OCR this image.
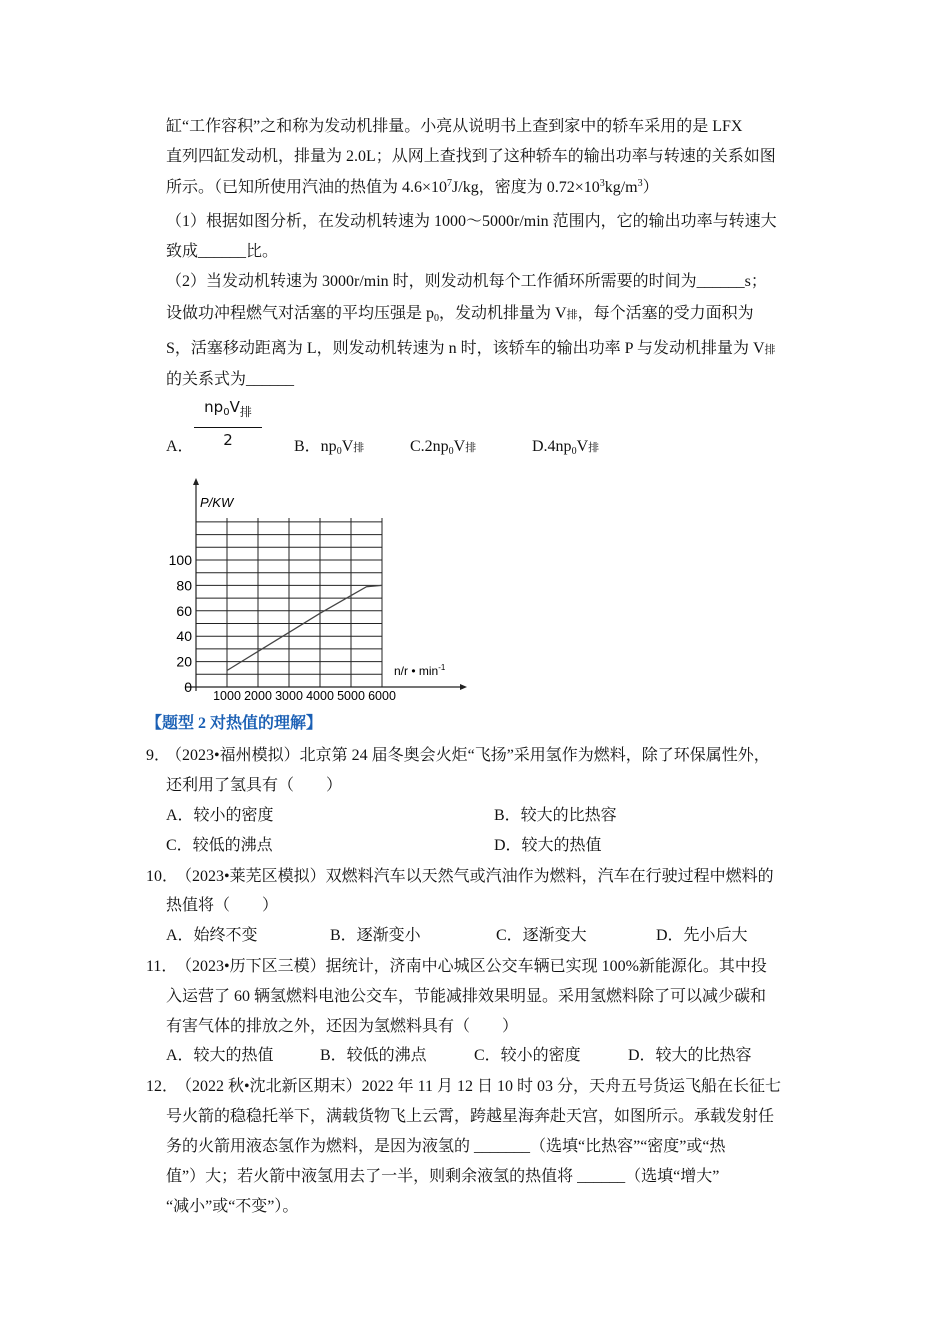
缸“工作容积”之和称为发动机排量。小亮从说明书上查到家中的轿车采用的是 LFX
直列四缸发动机，排量为 2.0L；从网上查找到了这种轿车的输出功率与转速的关系如图
所示。（已知所使用汽油的热值为 $4.6\times 10^7J/kg$，密度为 $0.72\times 10^3kg/m^3$）
（1）根据如图分析，在发动机转速为 1000～5000r/min 范围内，它的输出功率与转速大
致成______比。
（2）当发动机转速为 3000r/min 时，则发动机每个工作循环所需要的时间为______s；
设做功冲程燃气对活塞的平均压强是 $p_0$，发动机排量为 V排，每个活塞的受力面积为
S，活塞移动距离为 L，则发动机转速为 n 时，该轿车的输出功率 P 与发动机排量为 V排
的关系式为______
A．
$np_0V_排$
2	B．$np_0V$排	$C.2np_0V$排	$D.4np_0V$排
0
20
40
60
80
100
1000 2000 3000 4000 5000 6000
P/KW
n/r • $\min^{-1}$
【题型 2 对热值的理解】
9．
（2023•福州模拟）北京第 24 届冬奥会火炬“飞扬”采用氢作为燃料，除了环保属性外，
还利用了氢具有（　　）
A．较小的密度	B．较大的比热容
C．较低的沸点	D．较大的热值
10．
（2023•莱芜区模拟）双燃料汽车以天然气或汽油作为燃料，汽车在行驶过程中燃料的
热值将（　　）
A．始终不变	B．逐渐变小	C．逐渐变大	D．先小后大
11．
（2023•历下区三模）据统计，济南中心城区公交车辆已实现 100%新能源化。其中投
入运营了 60 辆氢燃料电池公交车，节能减排效果明显。采用氢燃料除了可以减少碳和
有害气体的排放之外，还因为氢燃料具有（　　）
A．较大的热值	B．较低的沸点	C．较小的密度	D．较大的比热容
12．
（2022 秋•沈北新区期末）2022 年 11 月 12 日 10 时 03 分，天舟五号货运飞船在长征七
号火箭的稳稳托举下，满载货物飞上云霄，跨越星海奔赴天宫，如图所示。承载发射任
务的火箭用液态氢作为燃料，是因为液氢的 _______（选填“比热容”“密度”或“热
值”）大；若火箭中液氢用去了一半，则剩余液氢的热值将 ______（选填“增大”
“减小”或“不变”）。
